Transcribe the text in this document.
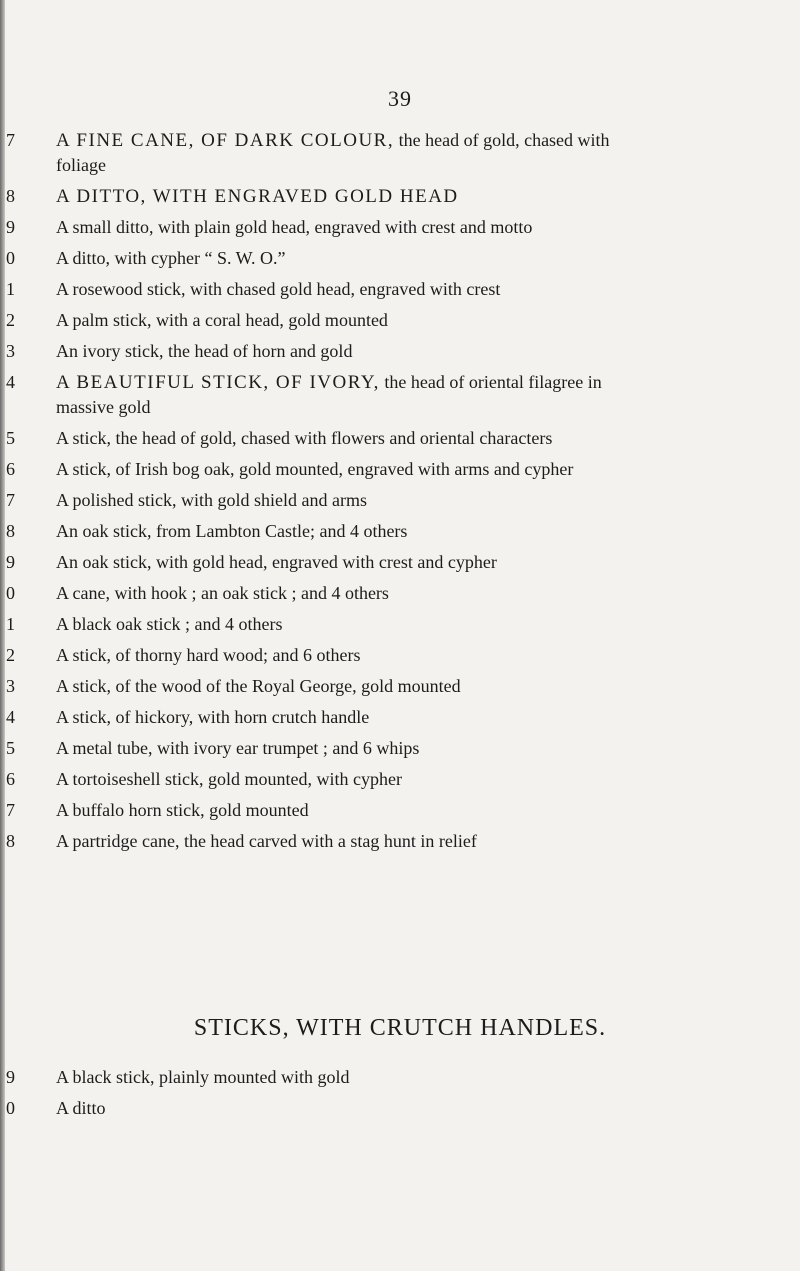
39
7	A FINE CANE, OF DARK COLOUR, the head of gold, chased with
foliage
8	A DITTO, WITH ENGRAVED GOLD HEAD
9	A small ditto, with plain gold head, engraved with crest and motto
0	A ditto, with cypher “ S. W. O.”
1	A rosewood stick, with chased gold head, engraved with crest
2	A palm stick, with a coral head, gold mounted
3	An ivory stick, the head of horn and gold
4	A BEAUTIFUL STICK, OF IVORY, the head of oriental filagree in
massive gold
5	A stick, the head of gold, chased with flowers and oriental characters
6	A stick, of Irish bog oak, gold mounted, engraved with arms and cypher
7	A polished stick, with gold shield and arms
8	An oak stick, from Lambton Castle; and 4 others
9	An oak stick, with gold head, engraved with crest and cypher
0	A cane, with hook ; an oak stick ; and 4 others
1	A black oak stick ; and 4 others
2	A stick, of thorny hard wood; and 6 others
3	A stick, of the wood of the Royal George, gold mounted
4	A stick, of hickory, with horn crutch handle
5	A metal tube, with ivory ear trumpet ; and 6 whips
6	A tortoiseshell stick, gold mounted, with cypher
7	A buffalo horn stick, gold mounted
8	A partridge cane, the head carved with a stag hunt in relief
STICKS, WITH CRUTCH HANDLES.
9	A black stick, plainly mounted with gold
0	A ditto
